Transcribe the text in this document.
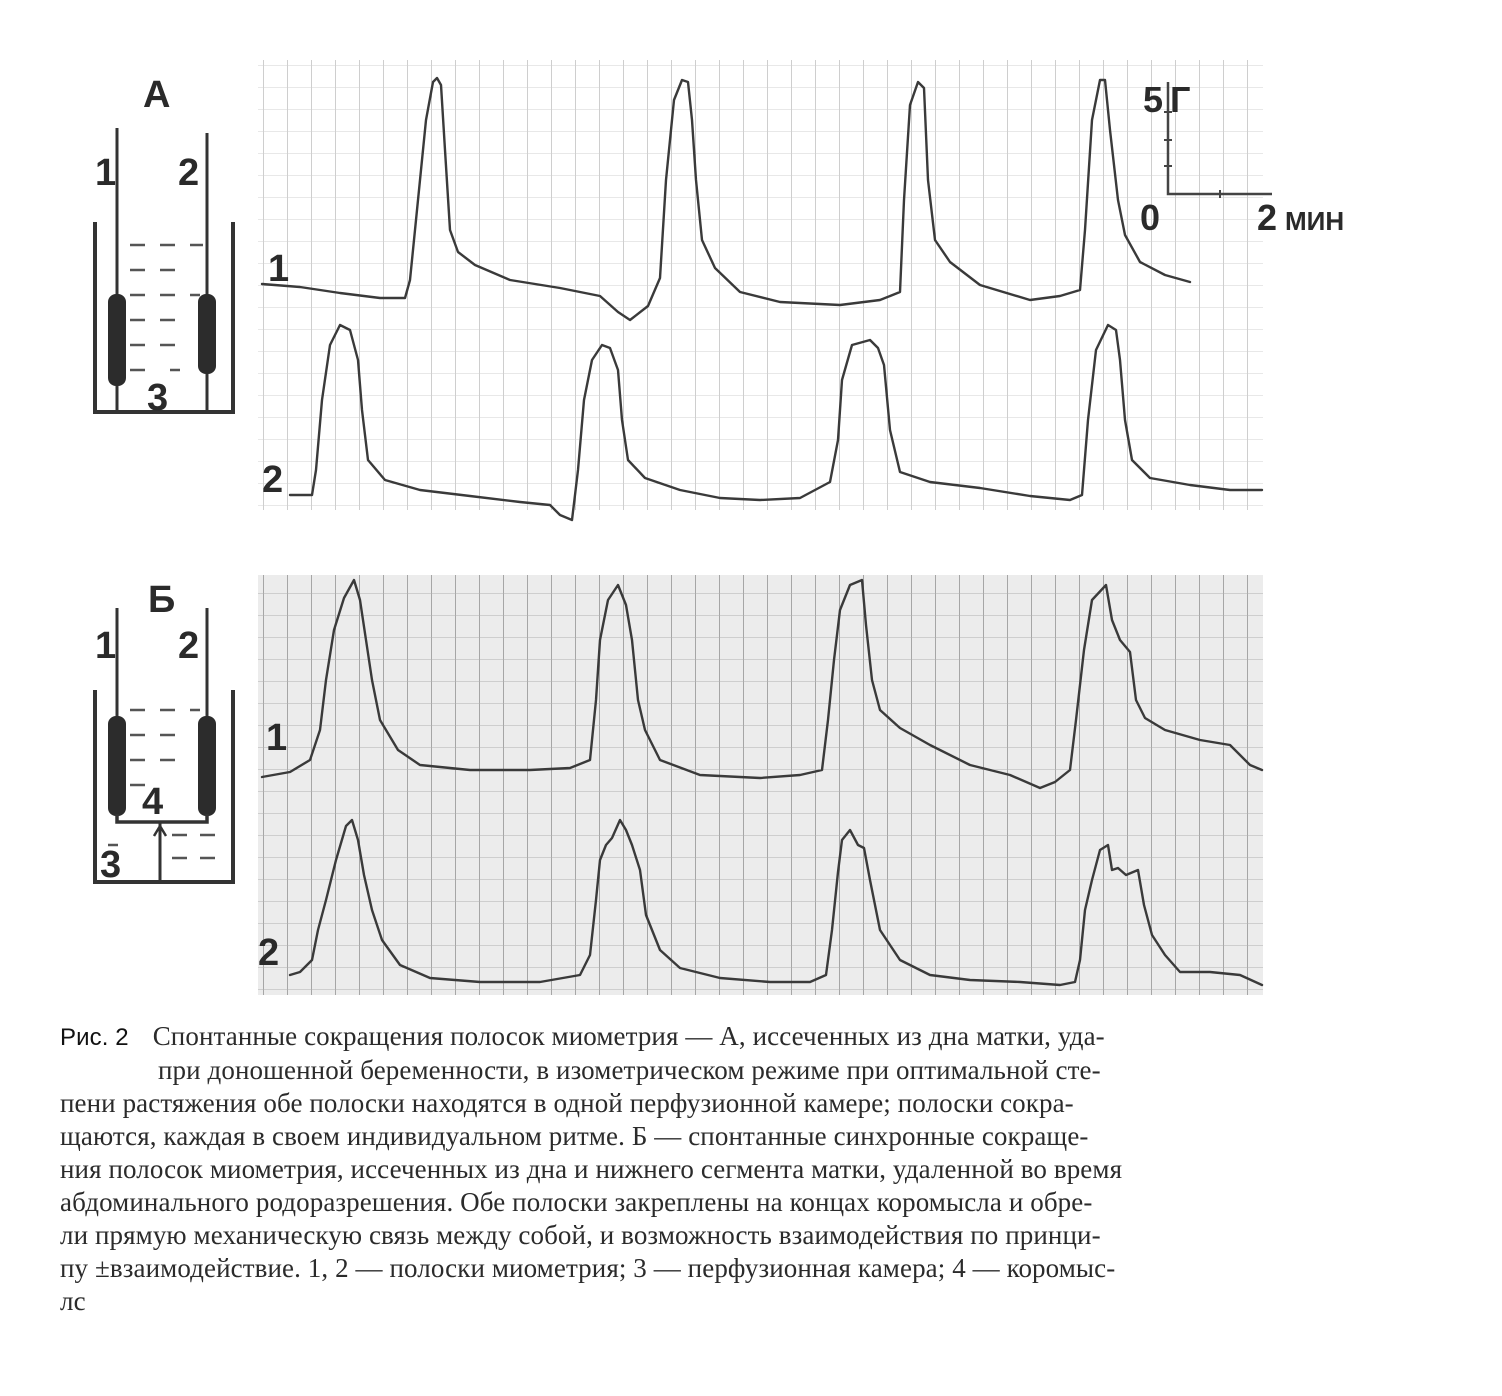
А
1 2
3
Б
1 2
4
3
5 Г
0	2 МИН
1
2
1
2
Рис. 2 Спонтанные сокращения полосок миометрия — А, иссеченных из дна матки, уда-
при доношенной беременности, в изометрическом режиме при оптимальной сте-
пени растяжения обе полоски находятся в одной перфузионной камере; полоски сокра-
щаются, каждая в своем индивидуальном ритме. Б — спонтанные синхронные сокраще-
ния полосок миометрия, иссеченных из дна и нижнего сегмента матки, удаленной во время
абдоминального родоразрешения. Обе полоски закреплены на концах коромысла и обре-
ли прямую механическую связь между собой, и возможность взаимодействия по принци-
пу ±взаимодействие. 1, 2 — полоски миометрия; 3 — перфузионная камера; 4 — коромыс-
лс
